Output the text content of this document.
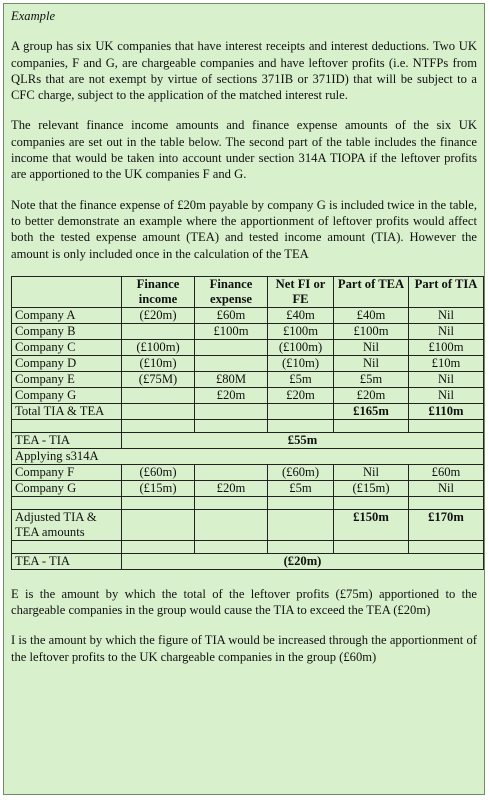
Example

A group has six UK companies that have interest receipts and interest deductions. Two UK companies, F and G, are chargeable companies and have leftover profits (i.e. NTFPs from QLRs that are not exempt by virtue of sections 371IB or 371ID) that will be subject to a CFC charge, subject to the application of the matched interest rule.

The relevant finance income amounts and finance expense amounts of the six UK companies are set out in the table below. The second part of the table includes the finance income that would be taken into account under section 314A TIOPA if the leftover profits are apportioned to the UK companies F and G.

Note that the finance expense of £20m payable by company G is included twice in the table, to better demonstrate an example where the apportionment of leftover profits would affect both the tested expense amount (TEA) and tested income amount (TIA). However the amount is only included once in the calculation of the TEA

	Finance income	Finance expense	Net FI or FE	Part of TEA	Part of TIA
Company A	(£20m)	£60m	£40m	£40m	Nil
Company B		£100m	£100m	£100m	Nil
Company C	(£100m)		(£100m)	Nil	£100m
Company D	(£10m)		(£10m)	Nil	£10m
Company E	(£75M)	£80M	£5m	£5m	Nil
Company G		£20m	£20m	£20m	Nil
Total TIA & TEA				£165m	£110m

TEA - TIA	£55m				
Applying s314A					
Company F	(£60m)		(£60m)	Nil	£60m
Company G	(£15m)	£20m	£5m	(£15m)	Nil

Adjusted TIA & TEA amounts				£150m	£170m

TEA - TIA	(£20m)				

E is the amount by which the total of the leftover profits (£75m) apportioned to the chargeable companies in the group would cause the TIA to exceed the TEA (£20m)

I is the amount by which the figure of TIA would be increased through the apportionment of the leftover profits to the UK chargeable companies in the group (£60m)
